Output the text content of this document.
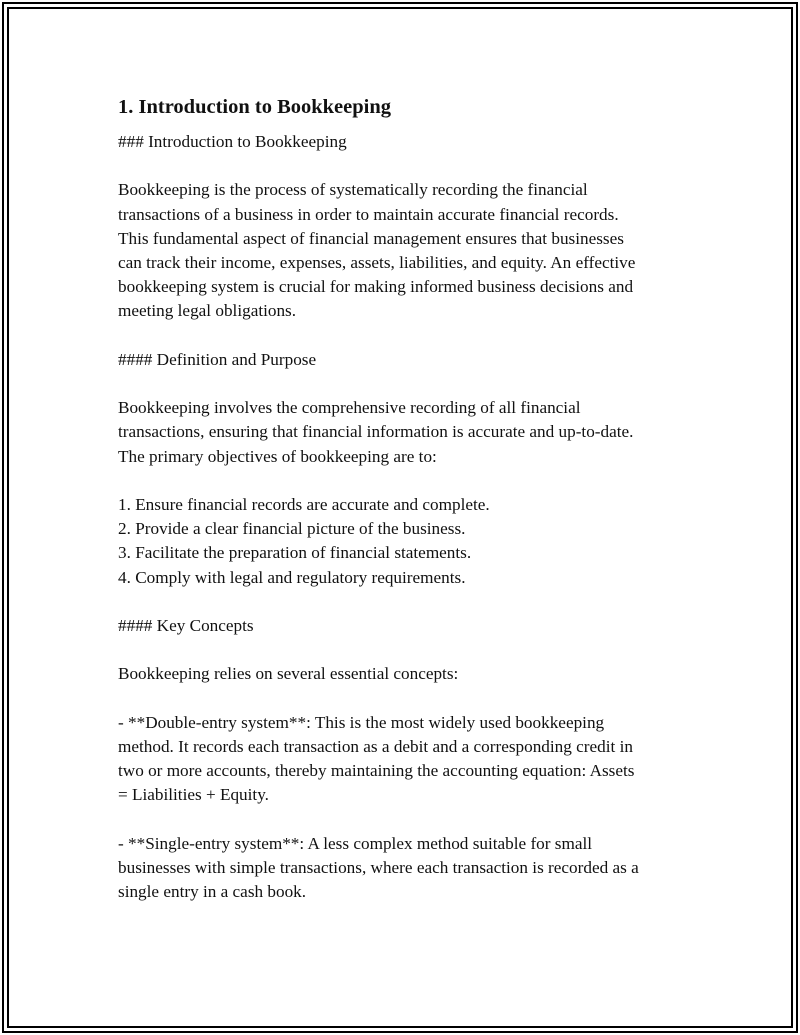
1. Introduction to Bookkeeping

### Introduction to Bookkeeping

Bookkeeping is the process of systematically recording the financial

transactions of a business in order to maintain accurate financial records.

This fundamental aspect of financial management ensures that businesses

can track their income, expenses, assets, liabilities, and equity. An effective

bookkeeping system is crucial for making informed business decisions and

meeting legal obligations.

#### Definition and Purpose

Bookkeeping involves the comprehensive recording of all financial

transactions, ensuring that financial information is accurate and up-to-date.

The primary objectives of bookkeeping are to:

1. Ensure financial records are accurate and complete.

2. Provide a clear financial picture of the business.

3. Facilitate the preparation of financial statements.

4. Comply with legal and regulatory requirements.

#### Key Concepts

Bookkeeping relies on several essential concepts:

- **Double-entry system**: This is the most widely used bookkeeping

method. It records each transaction as a debit and a corresponding credit in

two or more accounts, thereby maintaining the accounting equation: Assets

= Liabilities + Equity.

- **Single-entry system**: A less complex method suitable for small

businesses with simple transactions, where each transaction is recorded as a

single entry in a cash book.
